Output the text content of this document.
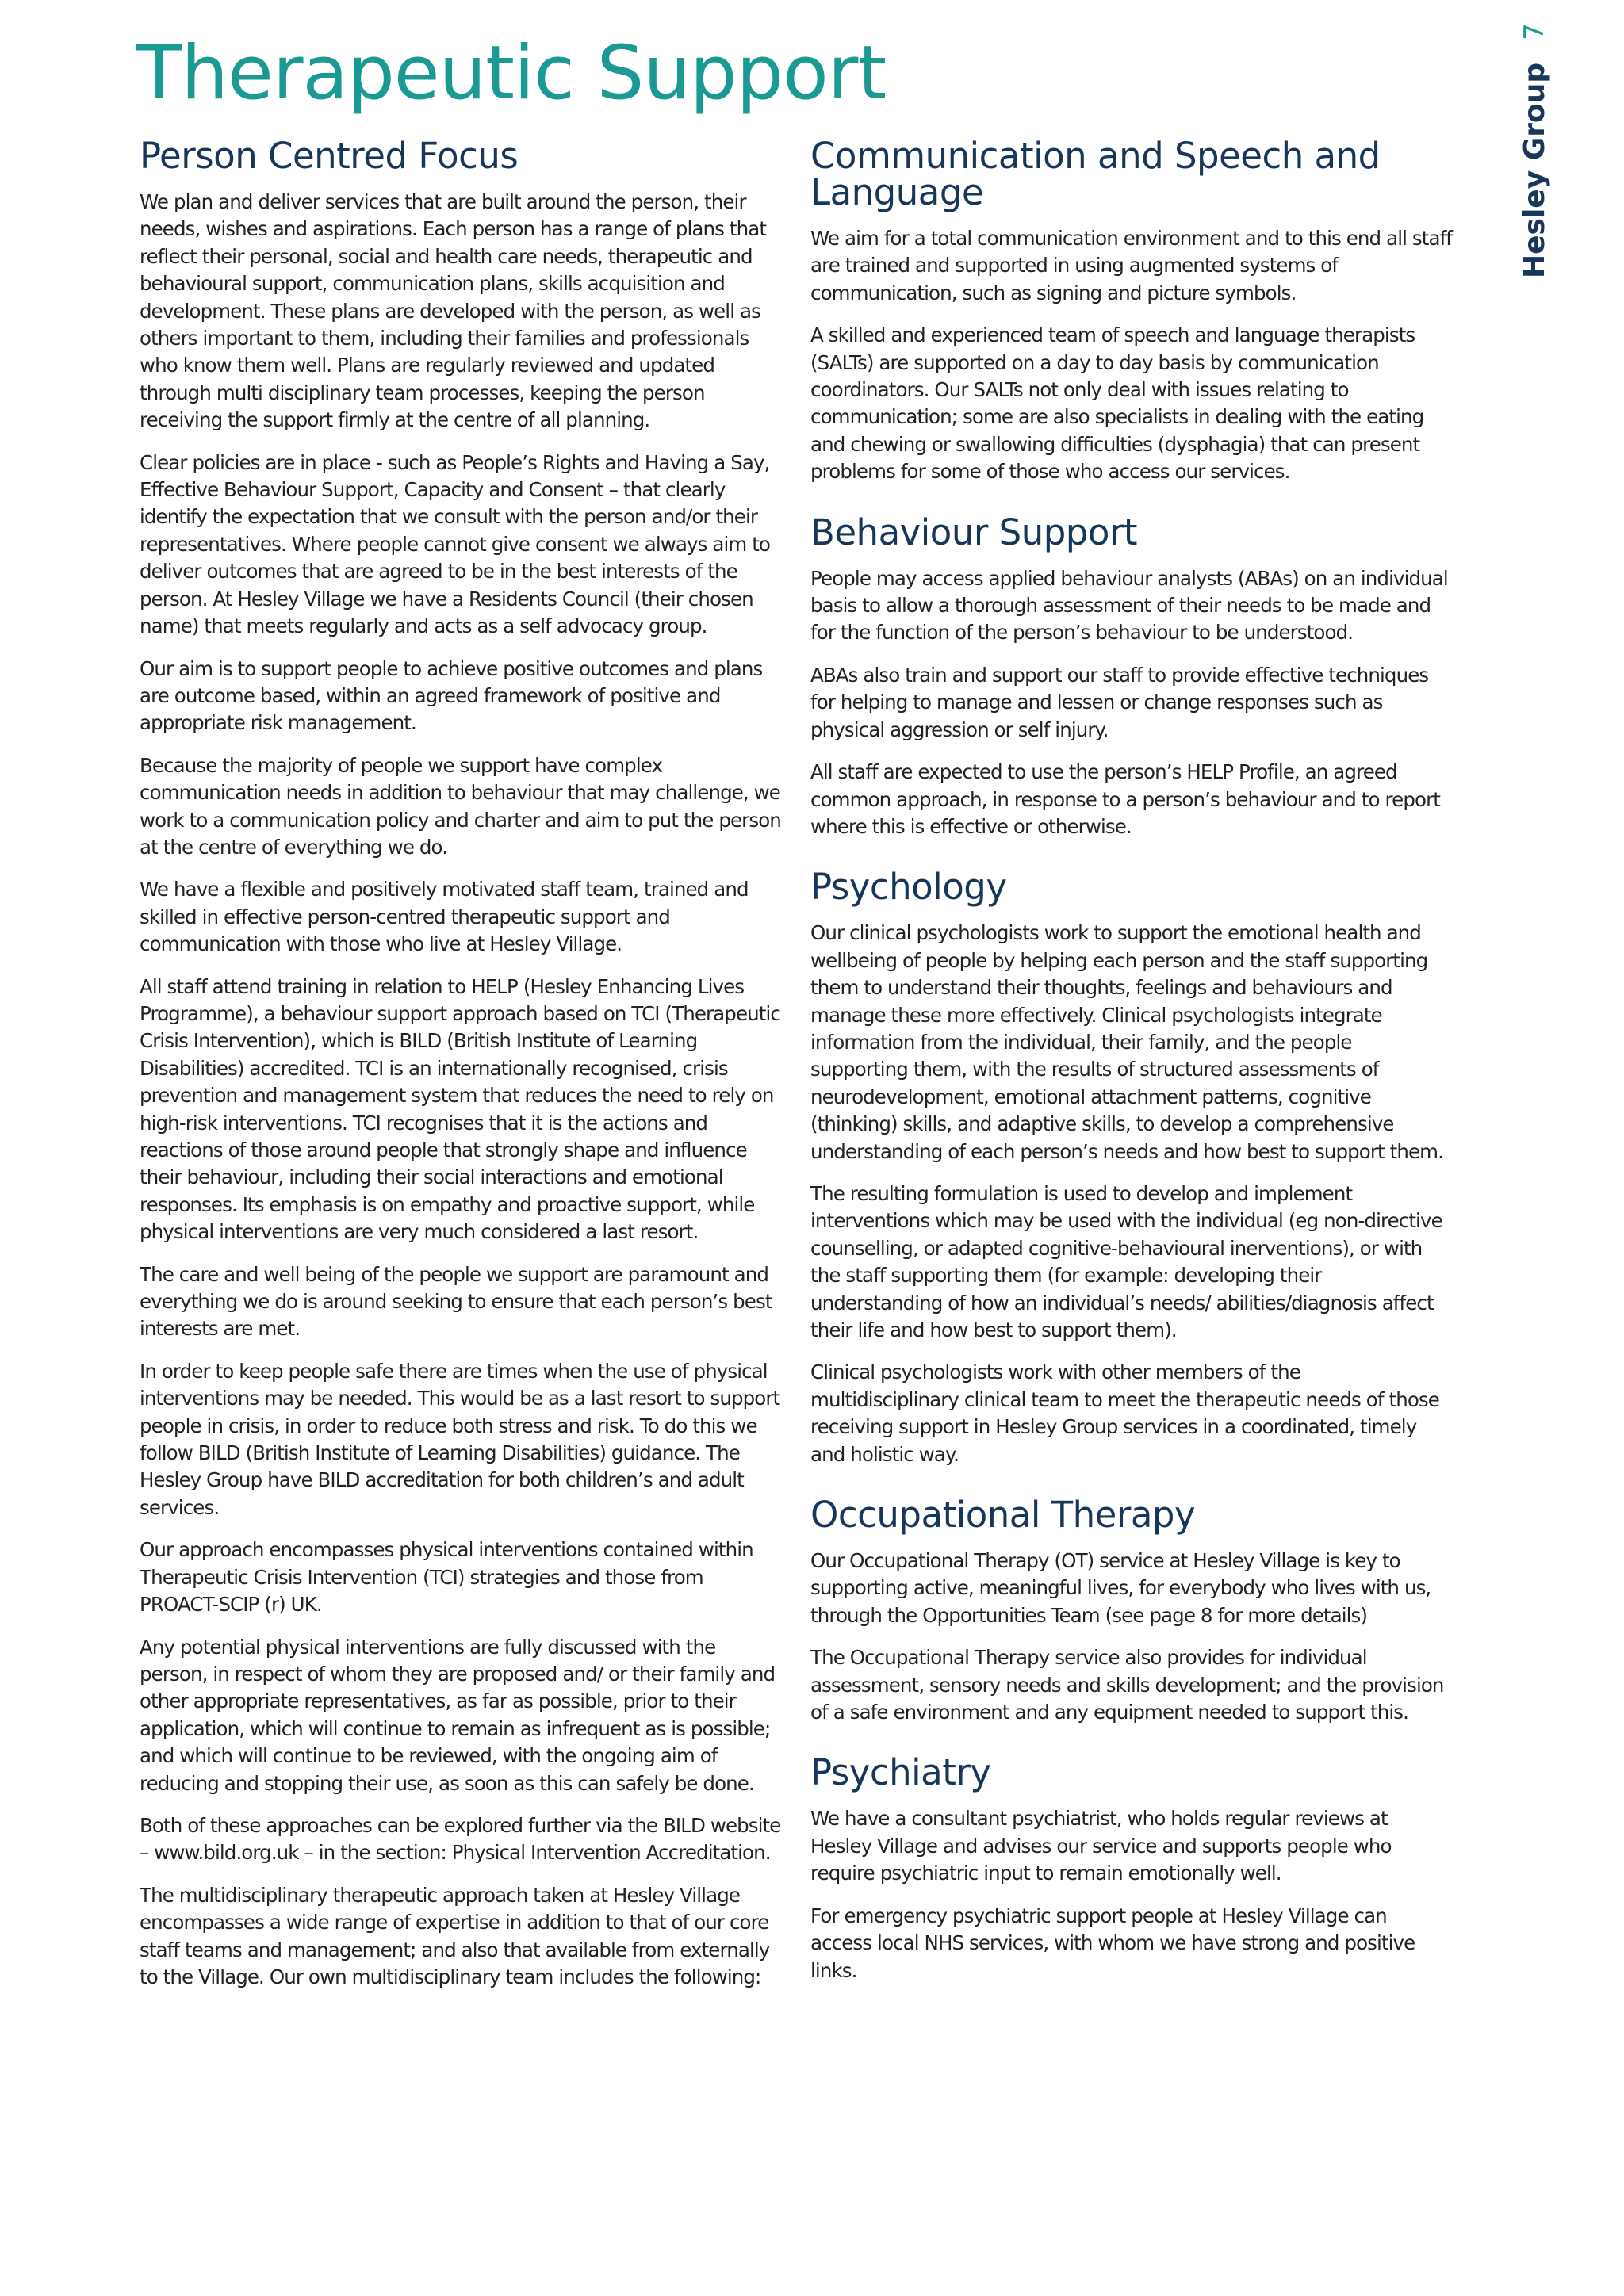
Therapeutic Support	Hesley Group
7
Person Centred Focus

We plan and deliver services that are built around the person, their needs, wishes and aspirations. Each person has a range of plans that reflect their personal, social and health care needs, therapeutic and behavioural support, communication plans, skills acquisition and development. These plans are developed with the person, as well as others important to them, including their families and professionals who know them well. Plans are regularly reviewed and updated through multi disciplinary team processes, keeping the person receiving the support firmly at the centre of all planning.

Clear policies are in place - such as People’s Rights and Having a Say, Effective Behaviour Support, Capacity and Consent – that clearly identify the expectation that we consult with the person and/or their representatives. Where people cannot give consent we always aim to deliver outcomes that are agreed to be in the best interests of the person. At Hesley Village we have a Residents Council (their chosen name) that meets regularly and acts as a self advocacy group.

Our aim is to support people to achieve positive outcomes and plans are outcome based, within an agreed framework of positive and appropriate risk management.

Because the majority of people we support have complex communication needs in addition to behaviour that may challenge, we work to a communication policy and charter and aim to put the person at the centre of everything we do.

We have a flexible and positively motivated staff team, trained and skilled in effective person-centred therapeutic support and communication with those who live at Hesley Village.

All staff attend training in relation to HELP (Hesley Enhancing Lives Programme), a behaviour support approach based on TCI (Therapeutic Crisis Intervention), which is BILD (British Institute of Learning Disabilities) accredited. TCI is an internationally recognised, crisis prevention and management system that reduces the need to rely on high-risk interventions. TCI recognises that it is the actions and reactions of those around people that strongly shape and influence their behaviour, including their social interactions and emotional responses. Its emphasis is on empathy and proactive support, while physical interventions are very much considered a last resort.

The care and well being of the people we support are paramount and everything we do is around seeking to ensure that each person’s best interests are met.

In order to keep people safe there are times when the use of physical interventions may be needed. This would be as a last resort to support people in crisis, in order to reduce both stress and risk. To do this we follow BILD (British Institute of Learning Disabilities) guidance. The Hesley Group have BILD accreditation for both children’s and adult services.

Our approach encompasses physical interventions contained within Therapeutic Crisis Intervention (TCI) strategies and those from PROACT-SCIP (r) UK.

Any potential physical interventions are fully discussed with the person, in respect of whom they are proposed and/ or their family and other appropriate representatives, as far as possible, prior to their application, which will continue to remain as infrequent as is possible; and which will continue to be reviewed, with the ongoing aim of reducing and stopping their use, as soon as this can safely be done.

Both of these approaches can be explored further via the BILD website – www.bild.org.uk – in the section: Physical Intervention Accreditation.

The multidisciplinary therapeutic approach taken at Hesley Village encompasses a wide range of expertise in addition to that of our core staff teams and management; and also that available from externally to the Village. Our own multidisciplinary team includes the following:

Communication and Speech and Language

We aim for a total communication environment and to this end all staff are trained and supported in using augmented systems of communication, such as signing and picture symbols.

A skilled and experienced team of speech and language therapists (SALTs) are supported on a day to day basis by communication coordinators. Our SALTs not only deal with issues relating to communication; some are also specialists in dealing with the eating and chewing or swallowing difficulties (dysphagia) that can present problems for some of those who access our services.

Behaviour Support

People may access applied behaviour analysts (ABAs) on an individual basis to allow a thorough assessment of their needs to be made and for the function of the person’s behaviour to be understood.

ABAs also train and support our staff to provide effective techniques for helping to manage and lessen or change responses such as physical aggression or self injury.

All staff are expected to use the person’s HELP Profile, an agreed common approach, in response to a person’s behaviour and to report where this is effective or otherwise.

Psychology

Our clinical psychologists work to support the emotional health and wellbeing of people by helping each person and the staff supporting them to understand their thoughts, feelings and behaviours and manage these more effectively. Clinical psychologists integrate information from the individual, their family, and the people supporting them, with the results of structured assessments of neurodevelopment, emotional attachment patterns, cognitive (thinking) skills, and adaptive skills, to develop a comprehensive understanding of each person’s needs and how best to support them.

The resulting formulation is used to develop and implement interventions which may be used with the individual (eg non-directive counselling, or adapted cognitive-behavioural inerventions), or with the staff supporting them (for example: developing their understanding of how an individual’s needs/ abilities/diagnosis affect their life and how best to support them).

Clinical psychologists work with other members of the multidisciplinary clinical team to meet the therapeutic needs of those receiving support in Hesley Group services in a coordinated, timely and holistic way.

Occupational Therapy

Our Occupational Therapy (OT) service at Hesley Village is key to supporting active, meaningful lives, for everybody who lives with us, through the Opportunities Team (see page 8 for more details)

The Occupational Therapy service also provides for individual assessment, sensory needs and skills development; and the provision of a safe environment and any equipment needed to support this.

Psychiatry

We have a consultant psychiatrist, who holds regular reviews at Hesley Village and advises our service and supports people who require psychiatric input to remain emotionally well.

For emergency psychiatric support people at Hesley Village can access local NHS services, with whom we have strong and positive links.
